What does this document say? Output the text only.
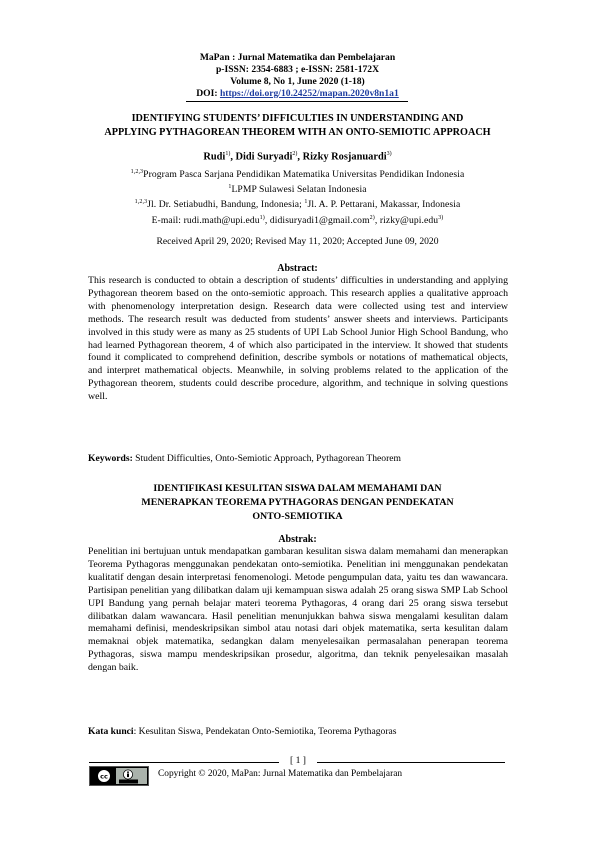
MaPan : Jurnal Matematika dan Pembelajaran
p-ISSN: 2354-6883 ; e-ISSN: 2581-172X
Volume 8, No 1, June 2020 (1-18)
DOI: https://doi.org/10.24252/mapan.2020v8n1a1
IDENTIFYING STUDENTS’ DIFFICULTIES IN UNDERSTANDING AND
APPLYING PYTHAGOREAN THEOREM WITH AN ONTO-SEMIOTIC APPROACH
Rudi$^{1)}$, Didi Suryadi$^{2)}$, Rizky Rosjanuardi$^{3)}$
$^{1,2,3}$Program Pasca Sarjana Pendidikan Matematika Universitas Pendidikan Indonesia
$^1$LPMP Sulawesi Selatan Indonesia
$^{1,2,3}$Jl. Dr. Setiabudhi, Bandung, Indonesia; $^1$Jl. A. P. Pettarani, Makassar, Indonesia
E-mail: rudi.math@upi.edu$^{1)}$, didisuryadi1@gmail.com$^{2)}$, rizky@upi.edu$^{3)}$
Received April 29, 2020; Revised May 11, 2020; Accepted June 09, 2020
Abstract:
This research is conducted to obtain a description of students’ difficulties in understanding and applying Pythagorean theorem based on the onto-semiotic approach. This research applies a qualitative approach with phenomenology interpretation design. Research data were collected using test and interview methods. The research result was deducted from students’ answer sheets and interviews. Participants involved in this study were as many as 25 students of UPI Lab School Junior High School Bandung, who had learned Pythagorean theorem, 4 of which also participated in the interview. It showed that students found it complicated to comprehend definition, describe symbols or notations of mathematical objects, and interpret mathematical objects. Meanwhile, in solving problems related to the application of the Pythagorean theorem, students could describe procedure, algorithm, and technique in solving questions well.
Keywords: Student Difficulties, Onto-Semiotic Approach, Pythagorean Theorem
IDENTIFIKASI KESULITAN SISWA DALAM MEMAHAMI DAN
MENERAPKAN TEOREMA PYTHAGORAS DENGAN PENDEKATAN
ONTO-SEMIOTIKA
Abstrak:
Penelitian ini bertujuan untuk mendapatkan gambaran kesulitan siswa dalam memahami dan menerapkan Teorema Pythagoras menggunakan pendekatan onto-semiotika. Penelitian ini menggunakan pendekatan kualitatif dengan desain interpretasi fenomenologi. Metode pengumpulan data, yaitu tes dan wawancara. Partisipan penelitian yang dilibatkan dalam uji kemampuan siswa adalah 25 orang siswa SMP Lab School UPI Bandung yang pernah belajar materi teorema Pythagoras, 4 orang dari 25 orang siswa tersebut dilibatkan dalam wawancara. Hasil penelitian menunjukkan bahwa siswa mengalami kesulitan dalam memahami definisi, mendeskripsikan simbol atau notasi dari objek matematika, serta kesulitan dalam memaknai objek matematika, sedangkan dalam menyelesaikan permasalahan penerapan teorema Pythagoras, siswa mampu mendeskripsikan prosedur, algoritma, dan teknik penyelesaikan masalah dengan baik.
Kata kunci: Kesulitan Siswa, Pendekatan Onto-Semiotika, Teorema Pythagoras
[ 1 ]
cc	Copyright © 2020, MaPan: Jurnal Matematika dan Pembelajaran
